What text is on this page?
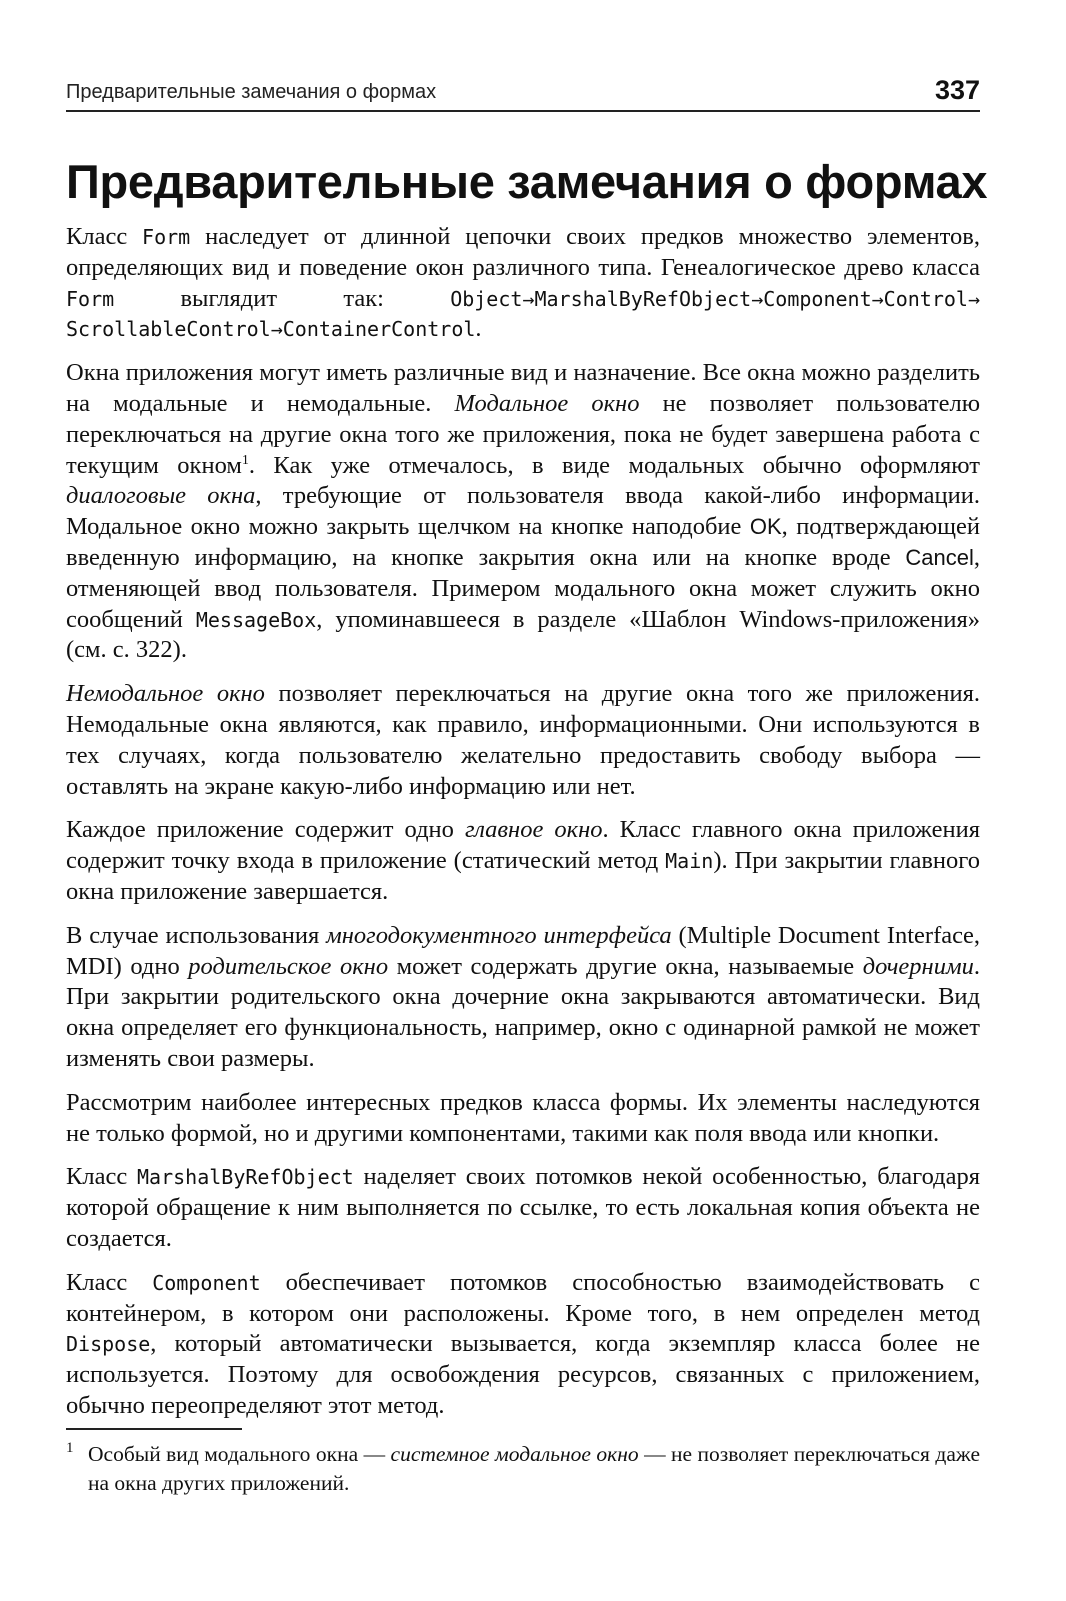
Предварительные замечания о формах	337
Предварительные замечания о формах

Класс Form наследует от длинной цепочки своих предков множество элементов, определяющих вид и поведение окон различного типа. Генеалогическое древо класса Form выглядит так: Object→MarshalByRefObject→Component→Control→ ScrollableControl→ContainerControl.

Окна приложения могут иметь различные вид и назначение. Все окна можно разделить на модальные и немодальные. Модальное окно не позволяет пользователю переключаться на другие окна того же приложения, пока не будет завершена работа с текущим окном$^1$. Как уже отмечалось, в виде модальных обычно оформляют диалоговые окна, требующие от пользователя ввода какой-либо информации. Модальное окно можно закрыть щелчком на кнопке наподобие OK, подтверждающей введенную информацию, на кнопке закрытия окна или на кнопке вроде Cancel, отменяющей ввод пользователя. Примером модального окна может служить окно сообщений MessageBox, упоминавшееся в разделе «Шаблон Windows-приложения» (см. с. 322).

Немодальное окно позволяет переключаться на другие окна того же приложения. Немодальные окна являются, как правило, информационными. Они используются в тех случаях, когда пользователю желательно предоставить свободу выбора — оставлять на экране какую-либо информацию или нет.

Каждое приложение содержит одно главное окно. Класс главного окна приложения содержит точку входа в приложение (статический метод Main). При закрытии главного окна приложение завершается.

В случае использования многодокументного интерфейса (Multiple Document Interface, MDI) одно родительское окно может содержать другие окна, называемые дочерними. При закрытии родительского окна дочерние окна закрываются автоматически. Вид окна определяет его функциональность, например, окно с одинарной рамкой не может изменять свои размеры.

Рассмотрим наиболее интересных предков класса формы. Их элементы наследуются не только формой, но и другими компонентами, такими как поля ввода или кнопки.

Класс MarshalByRefObject наделяет своих потомков некой особенностью, благодаря которой обращение к ним выполняется по ссылке, то есть локальная копия объекта не создается.

Класс Component обеспечивает потомков способностью взаимодействовать с контейнером, в котором они расположены. Кроме того, в нем определен метод Dispose, который автоматически вызывается, когда экземпляр класса более не используется. Поэтому для освобождения ресурсов, связанных с приложением, обычно переопределяют этот метод.

1 Особый вид модального окна — системное модальное окно — не позволяет переключаться даже на окна других приложений.
